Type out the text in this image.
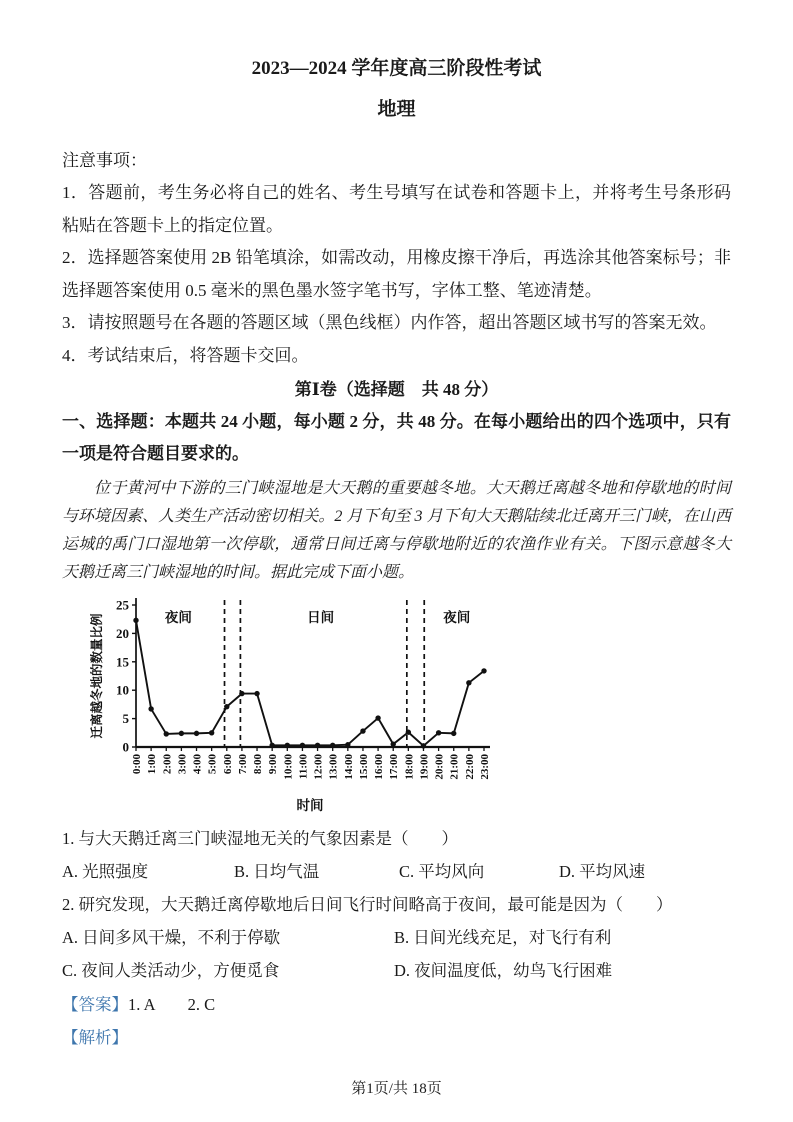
2023—2024 学年度高三阶段性考试
地理
注意事项：
1．答题前，考生务必将自己的姓名、考生号填写在试卷和答题卡上，并将考生号条形码粘贴在答题卡上的指定位置。
2．选择题答案使用 2B 铅笔填涂，如需改动，用橡皮擦干净后，再选涂其他答案标号；非选择题答案使用 0.5 毫米的黑色墨水签字笔书写，字体工整、笔迹清楚。
3．请按照题号在各题的答题区域（黑色线框）内作答，超出答题区域书写的答案无效。
4．考试结束后，将答题卡交回。
第Ⅰ卷（选择题　共 48 分）
一、选择题：本题共 24 小题，每小题 2 分，共 48 分。在每小题给出的四个选项中，只有一项是符合题目要求的。
位于黄河中下游的三门峡湿地是大天鹅的重要越冬地。大天鹅迁离越冬地和停歇地的时间与环境因素、人类生产活动密切相关。2 月下旬至 3 月下旬大天鹅陆续北迁离开三门峡，在山西运城的禹门口湿地第一次停歇，通常日间迁离与停歇地附近的农渔作业有关。下图示意越冬大天鹅迁离三门峡湿地的时间。据此完成下面小题。
0
5
10
15
20
25
0:00 1:00 2:00 3:00 4:00 5:00 6:00 7:00 8:00 9:00 10:00 11:00 12:00 13:00 14:00 15:00 16:00 17:00 18:00 19:00 20:00 21:00 22:00 23:00
夜间	日间	夜间
迁离越冬地的数量比例
时间
1. 与大天鹅迁离三门峡湿地无关的气象因素是（　　）
A. 光照强度	B. 日均气温	C. 平均风向	D. 平均风速
2. 研究发现，大天鹅迁离停歇地后日间飞行时间略高于夜间，最可能是因为（　　）
A. 日间多风干燥，不利于停歇	B. 日间光线充足，对飞行有利
C. 夜间人类活动少，方便觅食	D. 夜间温度低，幼鸟飞行困难
【答案】 1. A　　2. C
【解析】
第1页/共 18页
